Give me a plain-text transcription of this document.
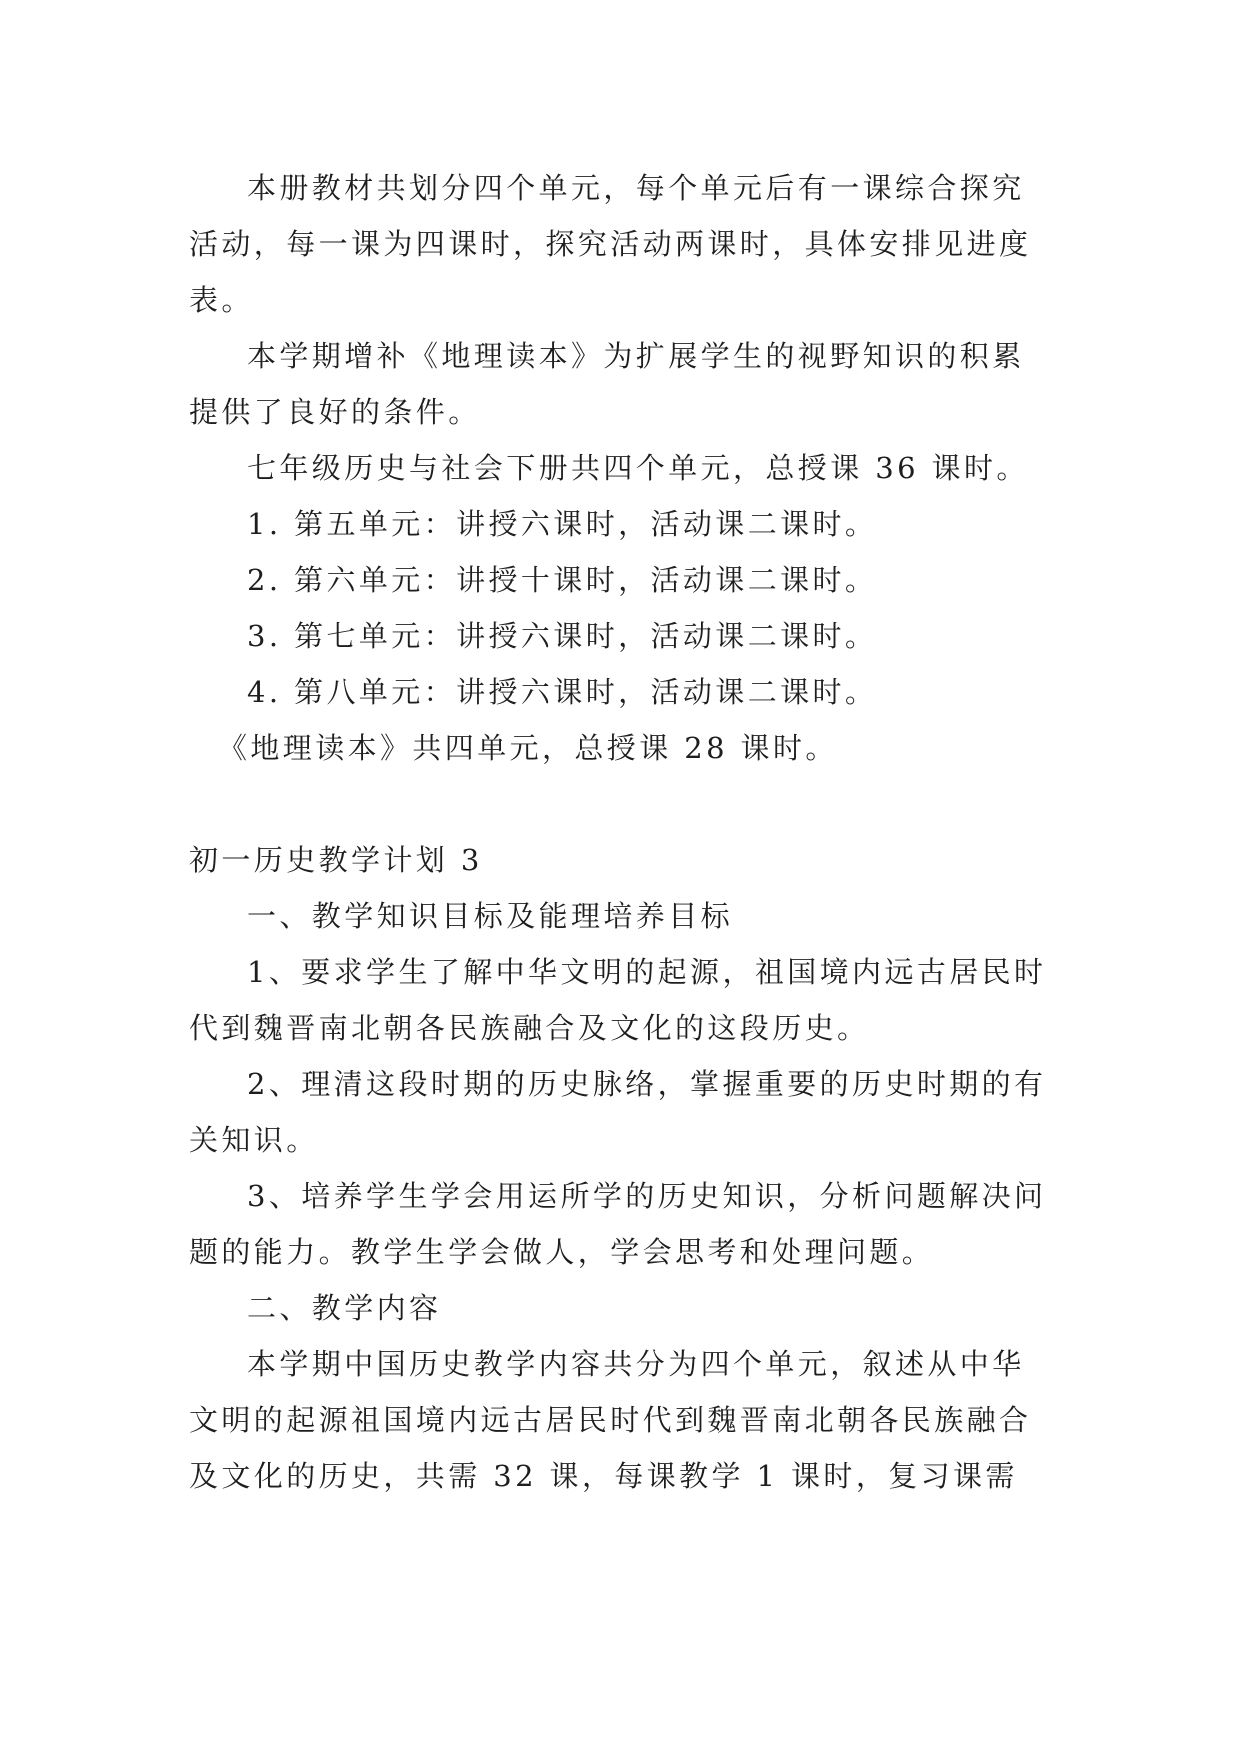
本册教材共划分四个单元，每个单元后有一课综合探究活动，每一课为四课时，探究活动两课时，具体安排见进度表。

本学期增补《地理读本》为扩展学生的视野知识的积累提供了良好的条件。

七年级历史与社会下册共四个单元，总授课 36 课时。

1. 第五单元：讲授六课时，活动课二课时。

2. 第六单元：讲授十课时，活动课二课时。

3. 第七单元：讲授六课时，活动课二课时。

4. 第八单元：讲授六课时，活动课二课时。

《地理读本》共四单元，总授课 28 课时。

初一历史教学计划 3

一、教学知识目标及能理培养目标

1、要求学生了解中华文明的起源，祖国境内远古居民时代到魏晋南北朝各民族融合及文化的这段历史。

2、理清这段时期的历史脉络，掌握重要的历史时期的有关知识。

3、培养学生学会用运所学的历史知识，分析问题解决问题的能力。教学生学会做人，学会思考和处理问题。

二、教学内容

本学期中国历史教学内容共分为四个单元，叙述从中华文明的起源祖国境内远古居民时代到魏晋南北朝各民族融合及文化的历史，共需 32 课，每课教学 1 课时，复习课需
